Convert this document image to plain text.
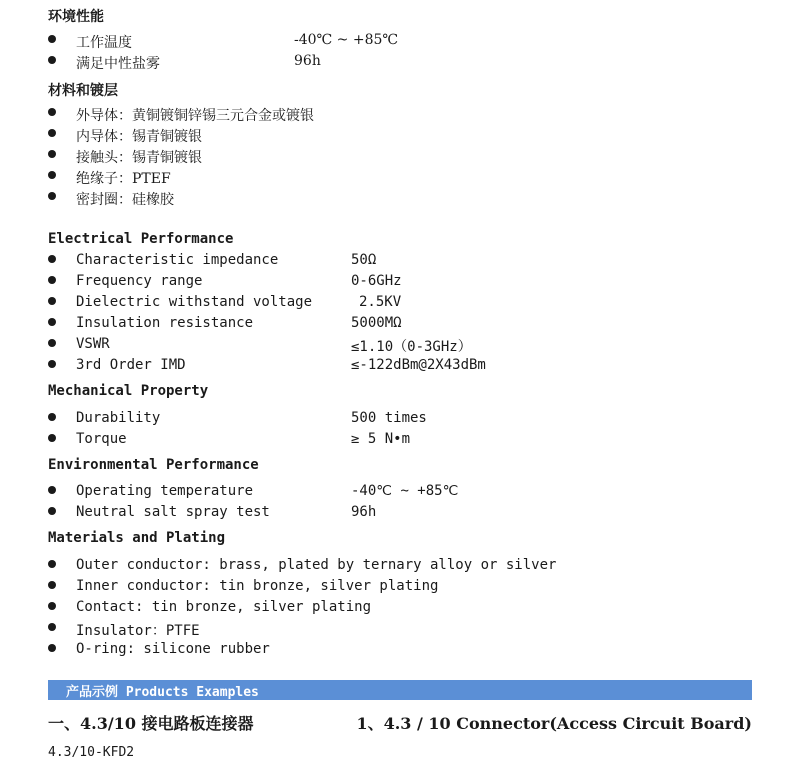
环境性能
工作温度	-40℃ ~ +85℃
满足中性盐雾	96h
材料和镀层
外导体：黄铜镀铜锌锡三元合金或镀银
内导体：锡青铜镀银
接触头：锡青铜镀银
绝缘子：PTEF
密封圈：硅橡胶
Electrical Performance
Characteristic impedance	50Ω
Frequency range	0-6GHz
Dielectric withstand voltage	2.5KV
Insulation resistance	5000MΩ
VSWR	≤1.10（0-3GHz）
3rd Order IMD	≤-122dBm@2X43dBm
Mechanical Property
Durability	500 times
Torque	≥ 5 N•m
Environmental Performance
Operating temperature	-40℃ ~ +85℃
Neutral salt spray test	96h
Materials and Plating
Outer conductor: brass, plated by ternary alloy or silver
Inner conductor: tin bronze, silver plating
Contact: tin bronze, silver plating
Insulator：PTFE
O-ring: silicone rubber
产品示例 Products Examples
一、4.3/10 接电路板连接器	1、4.3 / 10 Connector(Access Circuit Board)
4.3/10-KFD2
